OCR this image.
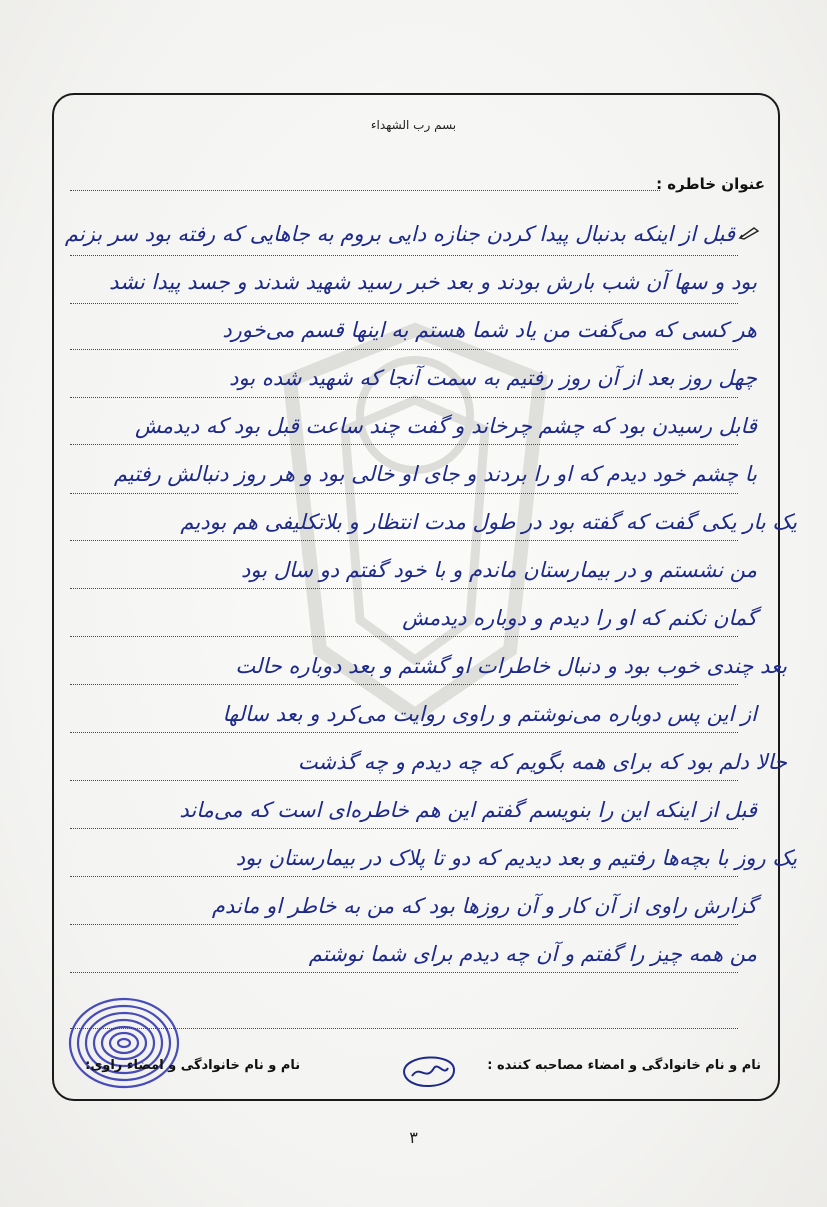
بسم رب الشهداء
عنوان خاطره :
قبل از اینکه بدنبال پیدا کردن جنازه دایی بروم به جاهایی که رفته بود سر بزنم
بود و سها آن شب بارش بودند و بعد خبر رسید شهید شدند و جسد پیدا نشد
هر کسی که می‌گفت من یاد شما هستم به اینها قسم می‌خورد
چهل روز بعد از آن روز رفتیم به سمت آنجا که شهید شده بود
قابل رسیدن بود که چشم چرخاند و گفت چند ساعت قبل بود که دیدمش
با چشم خود دیدم که او را بردند و جای او خالی بود و هر روز دنبالش رفتیم
یک بار یکی گفت که گفته بود در طول مدت انتظار و بلاتکلیفی هم بودیم
من نشستم و در بیمارستان ماندم و با خود گفتم دو سال بود
گمان نکنم که او را دیدم و دوباره دیدمش
بعد چندی خوب بود و دنبال خاطرات او گشتم و بعد دوباره حالت
از این پس دوباره می‌نوشتم و راوی روایت می‌کرد و بعد سالها
حالا دلم بود که برای همه بگویم که چه دیدم و چه گذشت
قبل از اینکه این را بنویسم گفتم این هم خاطره‌ای است که می‌ماند
یک روز با بچه‌ها رفتیم و بعد دیدیم که دو تا پلاک در بیمارستان بود
گزارش راوی از آن کار و آن روزها بود که من به خاطر او ماندم
من همه چیز را گفتم و آن چه دیدم برای شما نوشتم
نام و نام خانوادگی و امضاء مصاحبه کننده :  نام و نام خانوادگی و امضاء راوی:
۳
